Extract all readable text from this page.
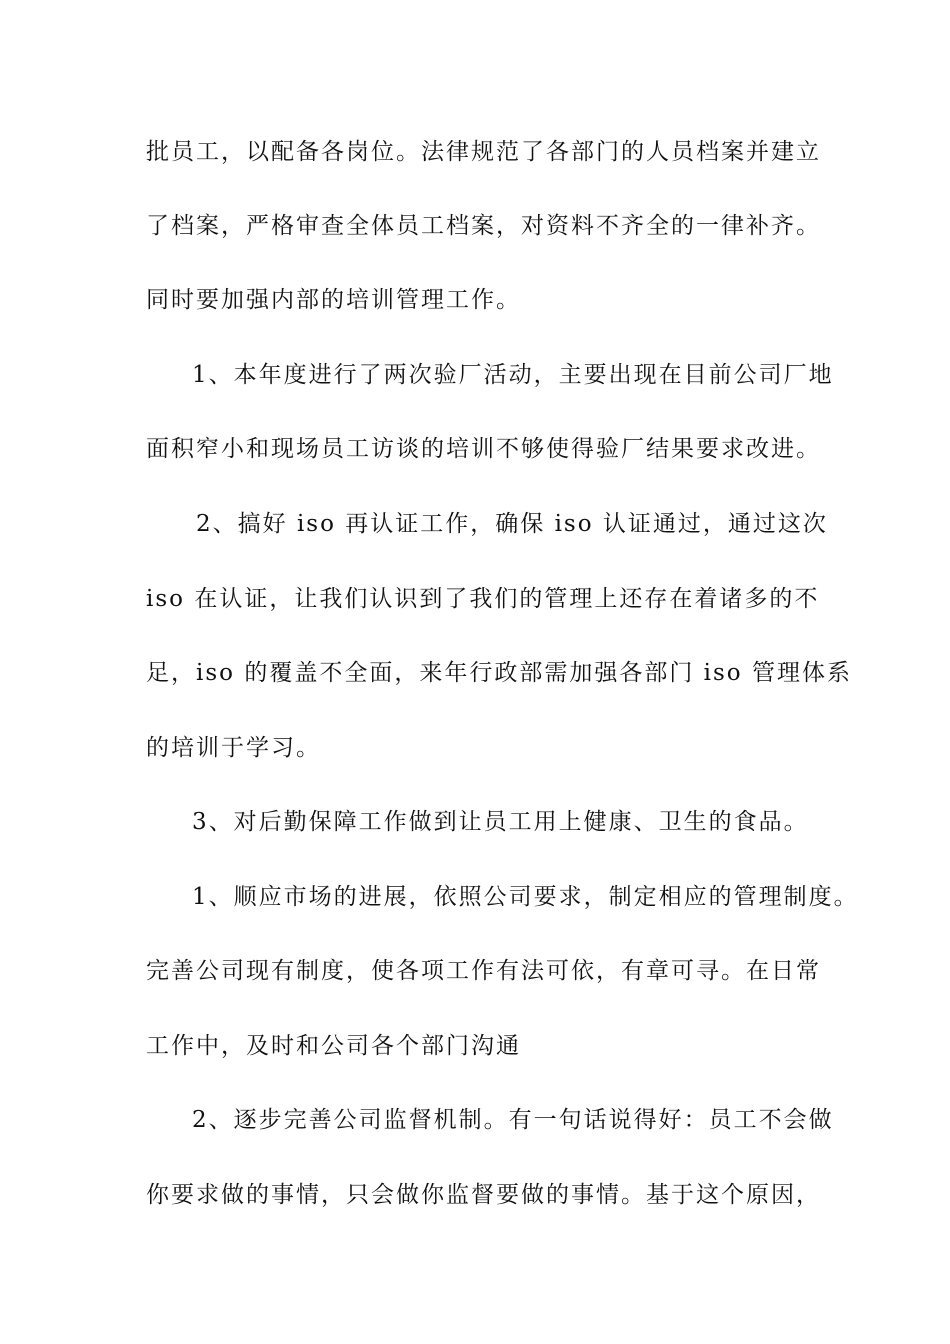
批员工，以配备各岗位。法律规范了各部门的人员档案并建立
了档案，严格审查全体员工档案，对资料不齐全的一律补齐。
同时要加强内部的培训管理工作。
1、本年度进行了两次验厂活动，主要出现在目前公司厂地
面积窄小和现场员工访谈的培训不够使得验厂结果要求改进。
2、搞好 iso 再认证工作，确保 iso 认证通过，通过这次
iso 在认证，让我们认识到了我们的管理上还存在着诸多的不
足，iso 的覆盖不全面，来年行政部需加强各部门 iso 管理体系
的培训于学习。
3、对后勤保障工作做到让员工用上健康、卫生的食品。
1、顺应市场的进展，依照公司要求，制定相应的管理制度。
完善公司现有制度，使各项工作有法可依，有章可寻。在日常
工作中，及时和公司各个部门沟通
2、逐步完善公司监督机制。有一句话说得好：员工不会做
你要求做的事情，只会做你监督要做的事情。基于这个原因，
